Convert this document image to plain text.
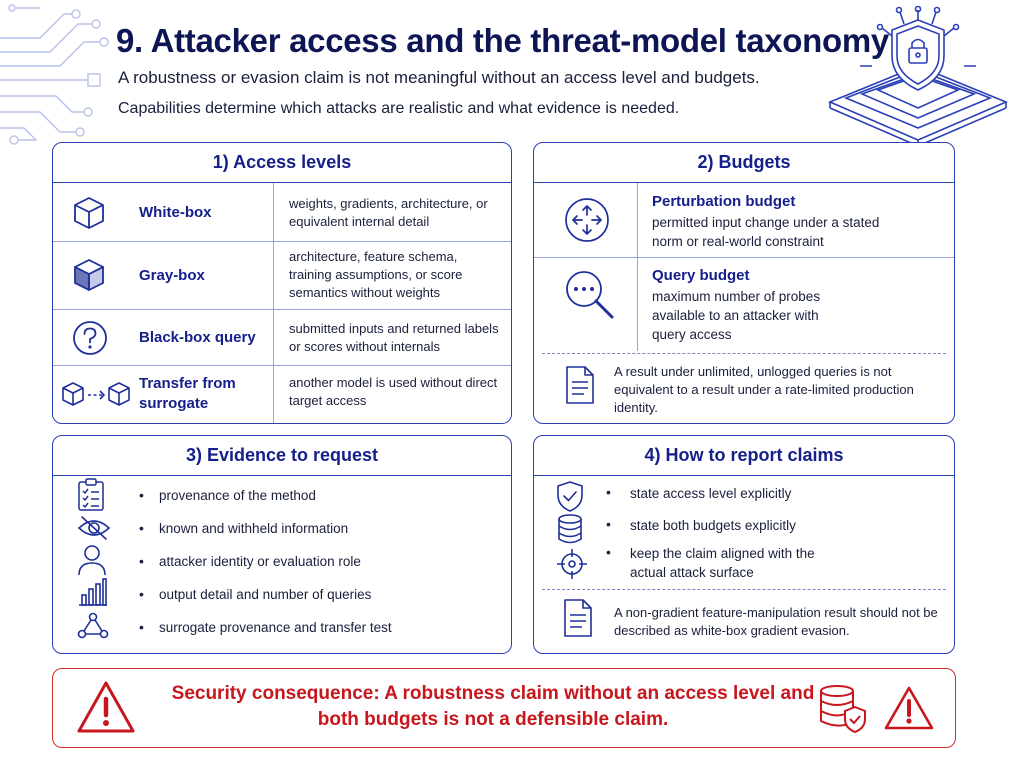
9. Attacker access and the threat-model taxonomy
A robustness or evasion claim is not meaningful without an access level and budgets.
Capabilities determine which attacks are realistic and what evidence is needed.
1) Access levels
White-box
weights, gradients, architecture, or equivalent internal detail
Gray-box
architecture, feature schema, training assumptions, or score semantics without weights
Black-box query
submitted inputs and returned labels or scores without internals
Transfer from surrogate
another model is used without direct target access
2) Budgets
Perturbation budget
permitted input change under a stated norm or real-world constraint
Query budget
maximum number of probes available to an attacker with query access
A result under unlimited, unlogged queries is not equivalent to a result under a rate-limited production identity.
3) Evidence to request
• provenance of the method
• known and withheld information
• attacker identity or evaluation role
• output detail and number of queries
• surrogate provenance and transfer test
4) How to report claims
• state access level explicitly
• state both budgets explicitly
• keep the claim aligned with the actual attack surface
A non-gradient feature-manipulation result should not be described as white-box gradient evasion.
Security consequence: A robustness claim without an access level and both budgets is not a defensible claim.
